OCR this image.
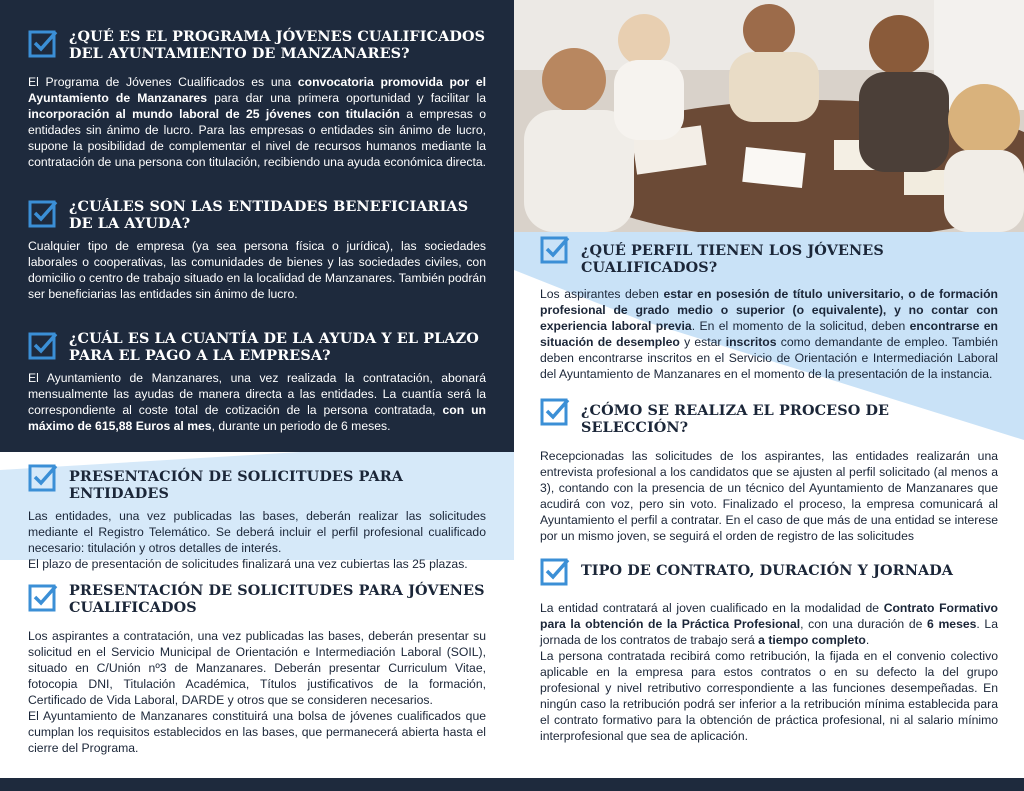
¿QUÉ ES EL PROGRAMA JÓVENES CUALIFICADOS DEL AYUNTAMIENTO DE MANZANARES?
El Programa de Jóvenes Cualificados es una convocatoria promovida por el Ayuntamiento de Manzanares para dar una primera oportunidad y facilitar la incorporación al mundo laboral de 25 jóvenes con titulación a empresas o entidades sin ánimo de lucro. Para las empresas o entidades sin ánimo de lucro, supone la posibilidad de complementar el nivel de recursos humanos mediante la contratación de una persona con titulación, recibiendo una ayuda económica directa.
¿CUÁLES SON LAS ENTIDADES BENEFICIARIAS DE LA AYUDA?
Cualquier tipo de empresa (ya sea persona física o jurídica), las sociedades laborales o cooperativas, las comunidades de bienes y las sociedades civiles, con domicilio o centro de trabajo situado en la localidad de Manzanares. También podrán ser beneficiarias las entidades sin ánimo de lucro.
¿CUÁL ES LA CUANTÍA DE LA AYUDA Y EL PLAZO PARA EL PAGO A LA EMPRESA?
El Ayuntamiento de Manzanares, una vez realizada la contratación, abonará mensualmente las ayudas de manera directa a las entidades. La cuantía será la correspondiente al coste total de cotización de la persona contratada, con un máximo de 615,88 Euros al mes, durante un periodo de 6 meses.
PRESENTACIÓN DE SOLICITUDES PARA ENTIDADES

Las entidades, una vez publicadas las bases, deberán realizar las solicitudes mediante el Registro Telemático. Se deberá incluir el perfil profesional cualificado necesario: titulación y otros detalles de interés.

El plazo de presentación de solicitudes finalizará una vez cubiertas las 25 plazas.

PRESENTACIÓN DE SOLICITUDES PARA JÓVENES CUALIFICADOS

Los aspirantes a contratación, una vez publicadas las bases, deberán presentar su solicitud en el Servicio Municipal de Orientación e Intermediación Laboral (SOIL), situado en C/Unión nº3 de Manzanares. Deberán presentar Curriculum Vitae, fotocopia DNI, Titulación Académica, Títulos justificativos de la formación, Certificado de Vida Laboral, DARDE y otros que se consideren necesarios.

El Ayuntamiento de Manzanares constituirá una bolsa de jóvenes cualificados que cumplan los requisitos establecidos en las bases, que permanecerá abierta hasta el cierre del Programa.

¿QUÉ PERFIL TIENEN LOS JÓVENES CUALIFICADOS?
Los aspirantes deben estar en posesión de título universitario, o de formación profesional de grado medio o superior (o equivalente), y no contar con experiencia laboral previa. En el momento de la solicitud, deben encontrarse en situación de desempleo y estar inscritos como demandante de empleo. También deben encontrarse inscritos en el Servicio de Orientación e Intermediación Laboral del Ayuntamiento de Manzanares en el momento de la presentación de la instancia.
¿CÓMO SE REALIZA EL PROCESO DE SELECCIÓN?
Recepcionadas las solicitudes de los aspirantes, las entidades realizarán una entrevista profesional a los candidatos que se ajusten al perfil solicitado (al menos a 3), contando con la presencia de un técnico del Ayuntamiento de Manzanares que acudirá con voz, pero sin voto. Finalizado el proceso, la empresa comunicará al Ayuntamiento el perfil a contratar. En el caso de que más de una entidad se interese por un mismo joven, se seguirá el orden de registro de las solicitudes
TIPO DE CONTRATO, DURACIÓN Y JORNADA

La entidad contratará al joven cualificado en la modalidad de Contrato Formativo para la obtención de la Práctica Profesional, con una duración de 6 meses. La jornada de los contratos de trabajo será a tiempo completo.

La persona contratada recibirá como retribución, la fijada en el convenio colectivo aplicable en la empresa para estos contratos o en su defecto la del grupo profesional y nivel retributivo correspondiente a las funciones desempeñadas. En ningún caso la retribución podrá ser inferior a la retribución mínima establecida para el contrato formativo para la obtención de práctica profesional, ni al salario mínimo interprofesional que sea de aplicación.
